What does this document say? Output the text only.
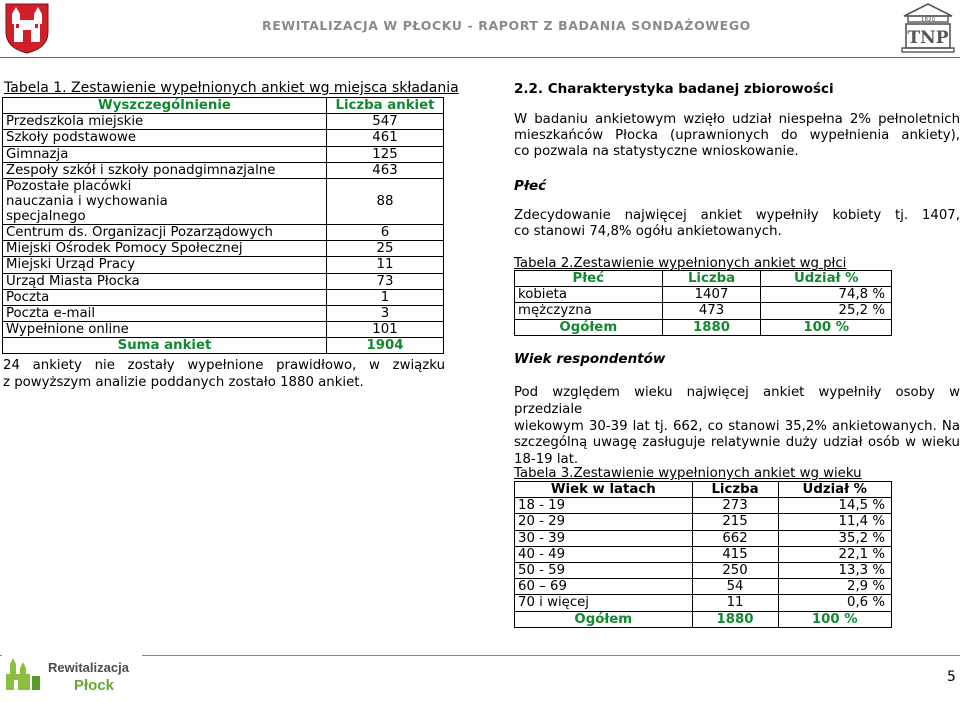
REWITALIZACJA W PŁOCKU - RAPORT Z BADANIA SONDAŻOWEGO	1820
TNP
Tabela 1. Zestawienie wypełnionych ankiet wg miejsca składania
Wyszczególnienie	Liczba ankiet
Przedszkola miejskie	547
Szkoły podstawowe	461
Gimnazja	125
Zespoły szkół i szkoły ponadgimnazjalne	463
Pozostałe placówki nauczania i wychowania specjalnego	88
Centrum ds. Organizacji Pozarządowych	6
Miejski Ośrodek Pomocy Społecznej	25
Miejski Urząd Pracy	11
Urząd Miasta Płocka	73
Poczta	1
Poczta e-mail	3
Wypełnione online	101
Suma ankiet	1904

24 ankiety nie zostały wypełnione prawidłowo, w związku

z powyższym analizie poddanych zostało 1880 ankiet.

2.2. Charakterystyka badanej zbiorowości

W badaniu ankietowym wzięło udział niespełna 2% pełnoletnich

mieszkańców Płocka (uprawnionych do wypełnienia ankiety),

co pozwala na statystyczne wnioskowanie.

Płeć

Zdecydowanie najwięcej ankiet wypełniły kobiety tj. 1407,

co stanowi 74,8% ogółu ankietowanych.

Tabela 2.Zestawienie wypełnionych ankiet wg płci
Płeć	Liczba	Udział %
kobieta	1407	74,8 %
mężczyzna	473	25,2 %
Ogółem	1880	100 %
Wiek respondentów

Pod względem wieku najwięcej ankiet wypełniły osoby w przedziale

wiekowym 30-39 lat tj. 662, co stanowi 35,2% ankietowanych. Na

szczególną uwagę zasługuje relatywnie duży udział osób w wieku

18-19 lat.

Tabela 3.Zestawienie wypełnionych ankiet wg wieku
Wiek w latach	Liczba	Udział %
18 - 19	273	14,5 %
20 - 29	215	11,4 %
30 - 39	662	35,2 %
40 - 49	415	22,1 %
50 - 59	250	13,3 %
60 – 69	54	2,9 %
70 i więcej	11	0,6 %
Ogółem	1880	100 %
Rewitalizacja
Płock	5
